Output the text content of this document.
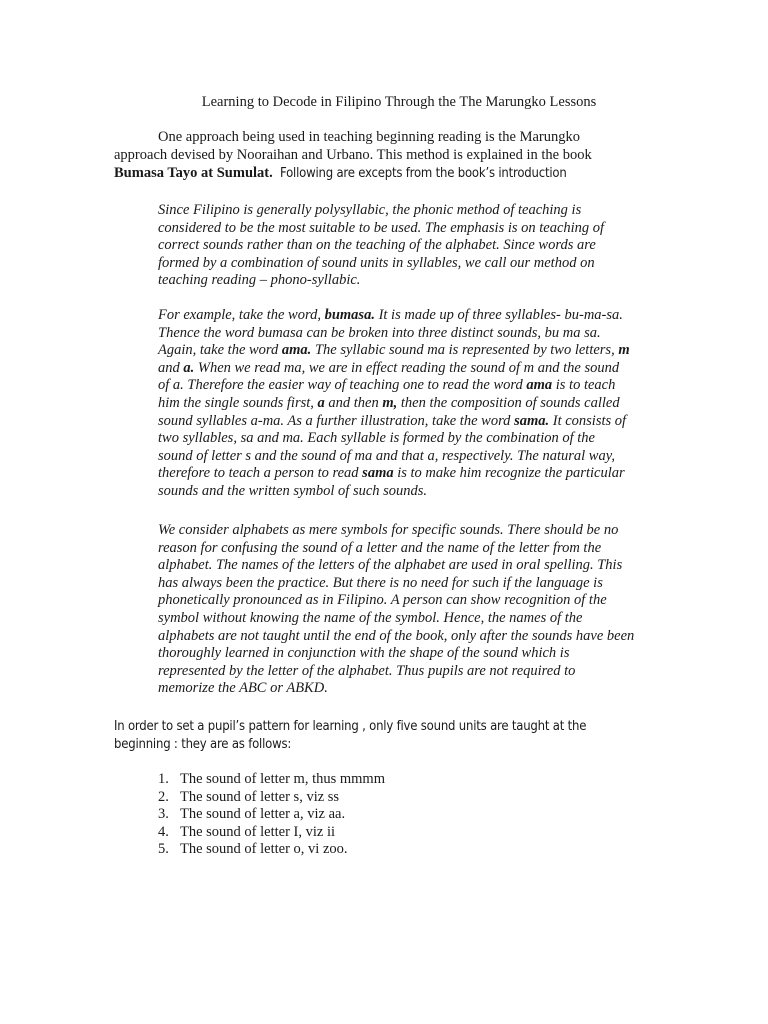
Learning to Decode in Filipino Through the The Marungko Lessons
One approach being used in teaching beginning reading is the Marungko
approach devised by Nooraihan and Urbano. This method is explained in the book
Bumasa Tayo at Sumulat. Following are excepts from the book’s introduction
Since Filipino is generally polysyllabic, the phonic method of teaching is
considered to be the most suitable to be used. The emphasis is on teaching of
correct sounds rather than on the teaching of the alphabet. Since words are
formed by a combination of sound units in syllables, we call our method on
teaching reading – phono-syllabic.
For example, take the word, bumasa. It is made up of three syllables- bu-ma-sa.
Thence the word bumasa can be broken into three distinct sounds, bu ma sa.
Again, take the word ama. The syllabic sound ma is represented by two letters, m
and a. When we read ma, we are in effect reading the sound of m and the sound
of a. Therefore the easier way of teaching one to read the word ama is to teach
him the single sounds first, a and then m, then the composition of sounds called
sound syllables a-ma. As a further illustration, take the word sama. It consists of
two syllables, sa and ma. Each syllable is formed by the combination of the
sound of letter s and the sound of ma and that a, respectively. The natural way,
therefore to teach a person to read sama is to make him recognize the particular
sounds and the written symbol of such sounds.
We consider alphabets as mere symbols for specific sounds. There should be no
reason for confusing the sound of a letter and the name of the letter from the
alphabet. The names of the letters of the alphabet are used in oral spelling. This
has always been the practice. But there is no need for such if the language is
phonetically pronounced as in Filipino. A person can show recognition of the
symbol without knowing the name of the symbol. Hence, the names of the
alphabets are not taught until the end of the book, only after the sounds have been
thoroughly learned in conjunction with the shape of the sound which is
represented by the letter of the alphabet. Thus pupils are not required to
memorize the ABC or ABKD.
In order to set a pupil’s pattern for learning , only five sound units are taught at the
beginning : they are as follows:
1. The sound of letter m, thus mmmm
2. The sound of letter s, viz ss
3. The sound of letter a, viz aa.
4. The sound of letter I, viz ii
5. The sound of letter o, vi zoo.
